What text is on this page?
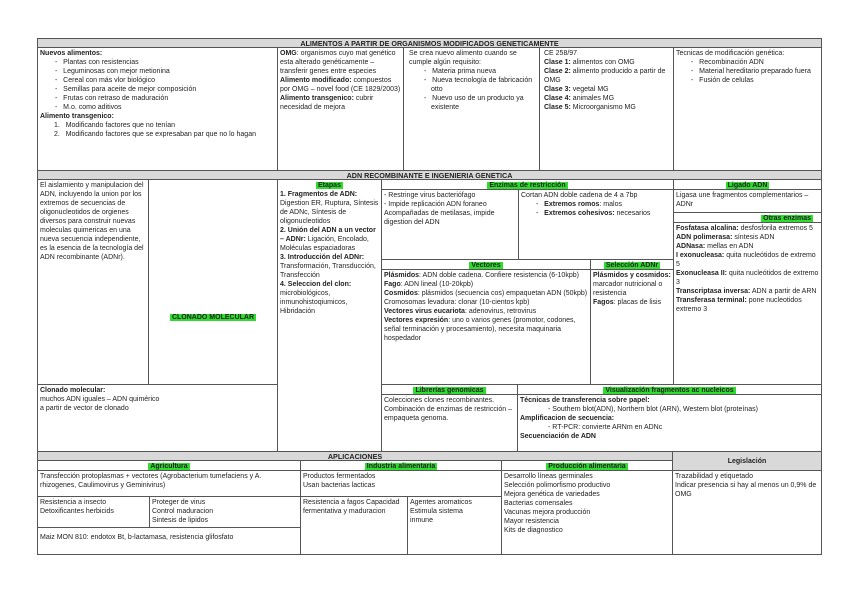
ALIMENTOS A PARTIR DE ORGANISMOS MODIFICADOS GENETICAMENTE

Nuevos alimentos:

- Plantas con resistencias
- Leguminosas con mejor metionina
- Cereal con más vlor biológico
- Semillas para aceite de mejor composición
- Frutas con retraso de maduración
- M.o. como aditivos

Alimento transgenico:

1.   Modificando factores que no tenían
2.   Modificando factores que se expresaban par que no lo hagan

OMG: organismos cuyo mat genético esta alterado genéticamente – transferir genes entre especies

Alimento modificado: compuestos por OMG – novel food (CE 1829/2003)

Alimento transgenico: cubrir necesidad de mejora

Se crea nuevo alimento cuando se cumple algún requisito:

- Materia prima nueva
- Nueva tecnología de fabricación otto
- Nuevo uso de un producto ya existente

CE 258/97

Clase 1: alimentos con OMG

Clase 2: alimento producido a partir de OMG

Clase 3: vegetal MG

Clase 4: animales MG

Clase 5: Microorganismo MG

Tecnicas de modificación genética:

- Recombinación ADN
- Material hereditario preparado fuera
- Fusión de celulas
ADN RECOMBINANTE E INGENIERIA GENETICA

El aislamiento y manipulacion del ADN, incluyendo la union por los extremos de secuencias de oligonucleotidos de orgienes diversos para construir nuevas moleculas quimericas en una nueva secuencia independiente, es la esencia de la tecnología del ADN recombinante (ADNr).

CLONADO MOLECULAR

Clonado molecular:

muchos ADN iguales – ADN quimérico a partir de vector de clonado

Etapas

1. Fragmentos de ADN: Digestion ER, Ruptura, Síntesis de ADNc, Síntesis de oligonucleotidos

2. Unión del ADN a un vector – ADNr: Ligación, Encolado, Moléculas espaciadoras

3. Introducción del ADNr: Transformación, Transducción, Transfección

4. Seleccion del clon: microbiológicos, inmunohistoqiumicos, Hibridación

Enzimas de restricción

- Restringe virus bacteriófago

- Impide replicación ADN foraneo

Acompañadas de metilasas, impide digestion del ADN

Cortan ADN doble cadena de 4 a 7bp

- Extremos romos: malos
- Extremos cohesivos: necesarios
Vectores

Plásmidos: ADN doble cadena. Confiere resistencia (6-10kpb)

Fago: ADN lineal (10-20kpb)

Cosmidos: plásmidos (secuencia cos) empaquetan ADN (50kpb)

Cromosomas levadura: clonar (10-cientos kpb)

Vectores virus eucariota: adenovirus, retrovirus

Vectores expresión: uno o varios genes (promotor, codones, señal terminación y procesamiento), necesita maquinaria hospedador

Selección ADNr

Plásmidos y cosmidos: marcador nutricional o resistencia

Fagos: placas de lisis

Ligado ADN

Ligasa une fragmentos complementarios – ADNr

Otras enzimas

Fosfatasa alcalina: desfosforila extremos 5

ADN polimerasa: síntesis ADN

ADNasa: mellas en ADN

I exonucleasa: quita nucleótidos de extremo 5

Exonucleasa II: quita nucleótidos de extremo 3

Transcriptasa inversa: ADN a partir de ARN

Transferasa terminal: pone nucleotidos extremo 3

Librerias genomicas

Colecciones clones recombinantes. Combinación de enzimas de restricción – empaqueta genoma.

Visualización fragmentos ac nucleicos

Técnicas de transferencia sobre papel:

- Southern blot(ADN), Northern blot (ARN), Western blot (proteínas)

Amplificacion de secuencia:

- RT-PCR: convierte ARNm en ADNc

Secuenciación de ADN

APLICACIONES
Agricultura

Transfección protoplasmas + vectores (Agrobacterium tumefaciens y A. rhizogenes, Caulimovirus y Geminivirus)

Resistencia a insecto

Detoxificantes herbicids

Proteger de virus

Control maduracion

Sintesis de lipidos

Maiz MON 810: endotox Bt, b-lactamasa, resistencia glifosfato

Industria alimentaria

Productos fermentados

Usan bacterias lacticas

Resistencia a fagos Capacidad fermentativa y maduracion

Agentes aromaticos Estimula sistema inmune

Producción alimentaria

Desarrollo líneas germinales

Selección polimorfismo productivo

Mejora genética de variedades

Bacterias comensales

Vacunas mejora producción

Mayor resistencia

Kits de diagnostico

Legislación

Trazabilidad y etiquetado

Indicar presencia si hay al menos un 0,9% de OMG
